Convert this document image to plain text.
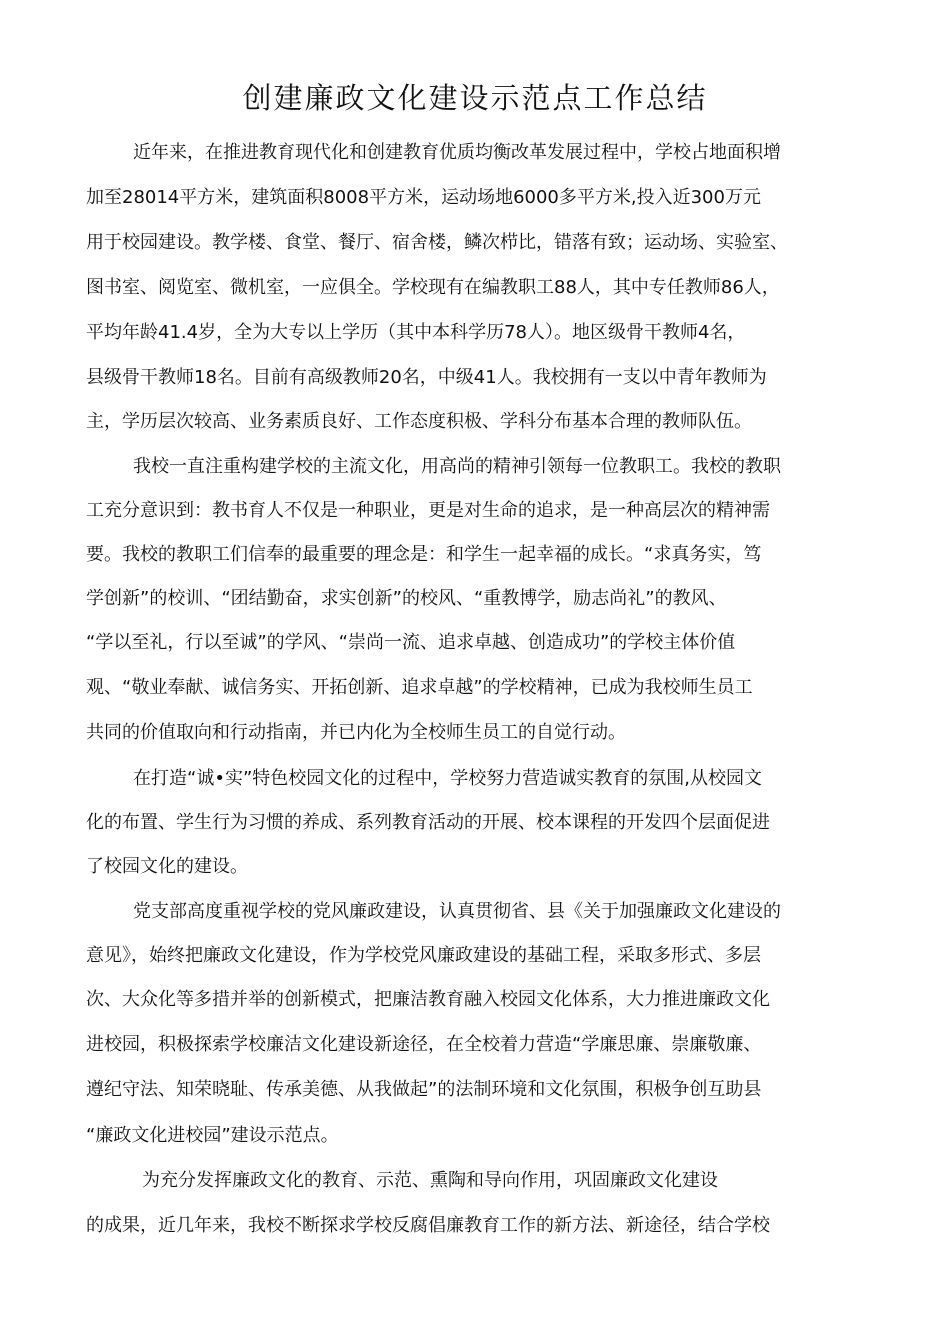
创建廉政文化建设示范点工作总结

近年来，在推进教育现代化和创建教育优质均衡改革发展过程中，学校占地面积增

加至28014平方米，建筑面积8008平方米，运动场地6000多平方米,投入近300万元

用于校园建设。教学楼、食堂、餐厅、宿舍楼，鳞次栉比，错落有致；运动场、实验室、

图书室、阅览室、微机室，一应俱全。学校现有在编教职工88人，其中专任教师86人，

平均年龄41.4岁，全为大专以上学历（其中本科学历78人）。地区级骨干教师4名，

县级骨干教师18名。目前有高级教师20名，中级41人。我校拥有一支以中青年教师为

主，学历层次较高、业务素质良好、工作态度积极、学科分布基本合理的教师队伍。

我校一直注重构建学校的主流文化，用高尚的精神引领每一位教职工。我校的教职

工充分意识到：教书育人不仅是一种职业，更是对生命的追求，是一种高层次的精神需

要。我校的教职工们信奉的最重要的理念是：和学生一起幸福的成长。“求真务实，笃

学创新”的校训、“团结勤奋，求实创新”的校风、“重教博学，励志尚礼”的教风、

“学以至礼，行以至诚”的学风、“崇尚一流、追求卓越、创造成功”的学校主体价值

观、“敬业奉献、诚信务实、开拓创新、追求卓越”的学校精神，已成为我校师生员工

共同的价值取向和行动指南，并已内化为全校师生员工的自觉行动。

在打造“诚•实”特色校园文化的过程中，学校努力营造诚实教育的氛围,从校园文

化的布置、学生行为习惯的养成、系列教育活动的开展、校本课程的开发四个层面促进

了校园文化的建设。

党支部高度重视学校的党风廉政建设，认真贯彻省、县《关于加强廉政文化建设的

意见》，始终把廉政文化建设，作为学校党风廉政建设的基础工程，采取多形式、多层

次、大众化等多措并举的创新模式，把廉洁教育融入校园文化体系，大力推进廉政文化

进校园，积极探索学校廉洁文化建设新途径，在全校着力营造“学廉思廉、崇廉敬廉、

遵纪守法、知荣晓耻、传承美德、从我做起”的法制环境和文化氛围，积极争创互助县

“廉政文化进校园”建设示范点。

为充分发挥廉政文化的教育、示范、熏陶和导向作用，巩固廉政文化建设

的成果，近几年来，我校不断探求学校反腐倡廉教育工作的新方法、新途径，结合学校
